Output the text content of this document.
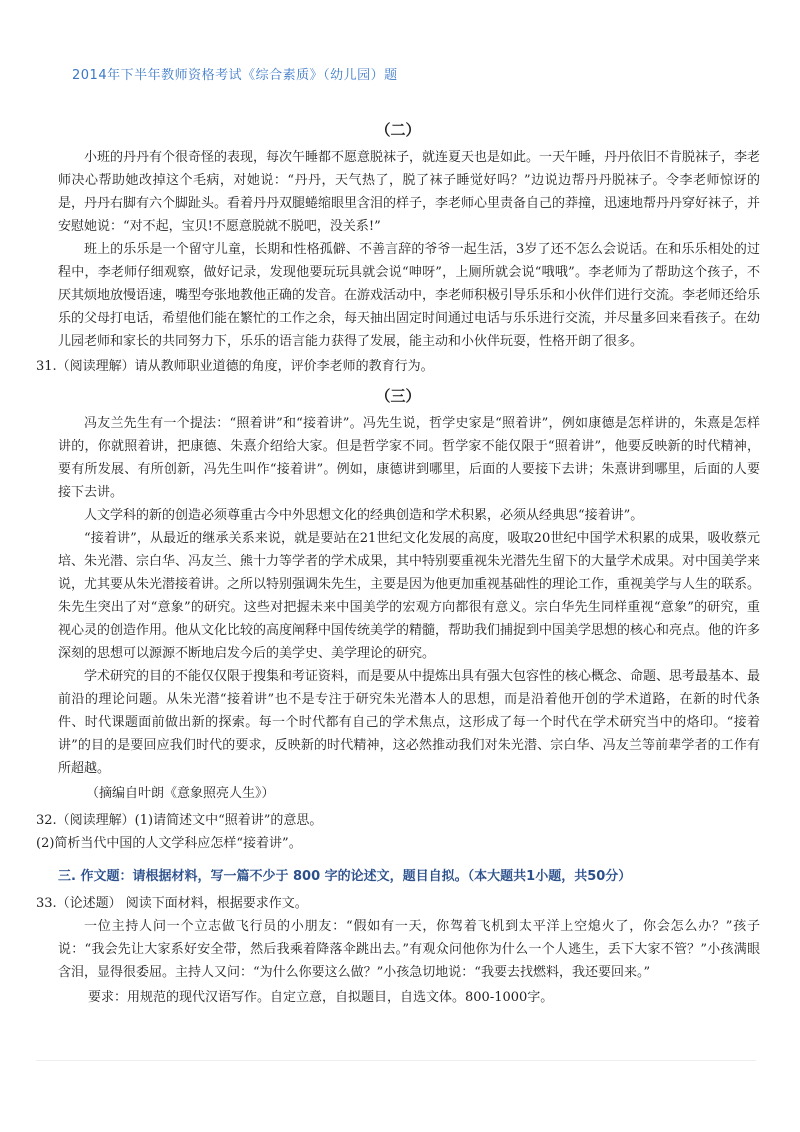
2014年下半年教师资格考试《综合素质》（幼儿园）题
（二）

小班的丹丹有个很奇怪的表现，每次午睡都不愿意脱袜子，就连夏天也是如此。一天午睡，丹丹依旧不肯脱袜子，李老师决心帮助她改掉这个毛病，对她说：“丹丹，天气热了，脱了袜子睡觉好吗？”边说边帮丹丹脱袜子。令李老师惊讶的是，丹丹右脚有六个脚趾头。看着丹丹双腿蜷缩眼里含泪的样子，李老师心里责备自己的莽撞，迅速地帮丹丹穿好袜子，并安慰她说：“对不起，宝贝!不愿意脱就不脱吧，没关系!”

班上的乐乐是一个留守儿童，长期和性格孤僻、不善言辞的爷爷一起生活，3岁了还不怎么会说话。在和乐乐相处的过程中，李老师仔细观察，做好记录，发现他要玩玩具就会说“呻呀”，上厕所就会说“哦哦”。李老师为了帮助这个孩子，不厌其烦地放慢语速，嘴型夸张地教他正确的发音。在游戏活动中，李老师积极引导乐乐和小伙伴们进行交流。李老师还给乐乐的父母打电话，希望他们能在繁忙的工作之余，每天抽出固定时间通过电话与乐乐进行交流，并尽量多回来看孩子。在幼儿园老师和家长的共同努力下，乐乐的语言能力获得了发展，能主动和小伙伴玩耍，性格开朗了很多。

31.（阅读理解）请从教师职业道德的角度，评价李老师的教育行为。

（三）

冯友兰先生有一个提法：“照着讲”和“接着讲”。冯先生说，哲学史家是“照着讲”，例如康德是怎样讲的，朱熹是怎样讲的，你就照着讲，把康德、朱熹介绍给大家。但是哲学家不同。哲学家不能仅限于“照着讲”，他要反映新的时代精神，要有所发展、有所创新，冯先生叫作“接着讲”。例如，康德讲到哪里，后面的人要接下去讲；朱熹讲到哪里，后面的人要接下去讲。

人文学科的新的创造必须尊重古今中外思想文化的经典创造和学术积累，必须从经典思“接着讲”。

“接着讲”，从最近的继承关系来说，就是要站在21世纪文化发展的高度，吸取20世纪中国学术积累的成果，吸收蔡元培、朱光潜、宗白华、冯友兰、熊十力等学者的学术成果，其中特别要重视朱光潜先生留下的大量学术成果。对中国美学来说，尤其要从朱光潜接着讲。之所以特别强调朱先生，主要是因为他更加重视基础性的理论工作，重视美学与人生的联系。朱先生突出了对“意象”的研究。这些对把握未来中国美学的宏观方向都很有意义。宗白华先生同样重视“意象”的研究，重视心灵的创造作用。他从文化比较的高度阐释中国传统美学的精髓，帮助我们捕捉到中国美学思想的核心和亮点。他的许多深刻的思想可以源源不断地启发今后的美学史、美学理论的研究。

学术研究的目的不能仅仅限于搜集和考证资料，而是要从中提炼出具有强大包容性的核心概念、命题、思考最基本、最前沿的理论问题。从朱光潜“接着讲”也不是专注于研究朱光潜本人的思想，而是沿着他开创的学术道路，在新的时代条件、时代课题面前做出新的探索。每一个时代都有自己的学术焦点，这形成了每一个时代在学术研究当中的烙印。“接着讲”的目的是要回应我们时代的要求，反映新的时代精神，这必然推动我们对朱光潜、宗白华、冯友兰等前辈学者的工作有所超越。

（摘编自叶朗《意象照亮人生》）

32.（阅读理解）(1)请简述文中“照着讲”的意思。

(2)简析当代中国的人文学科应怎样“接着讲”。

三. 作文题：请根据材料，写一篇不少于 800 字的论述文，题目自拟。（本大题共1小题，共50分）

33.（论述题） 阅读下面材料，根据要求作文。

一位主持人问一个立志做飞行员的小朋友：“假如有一天，你驾着飞机到太平洋上空熄火了，你会怎么办？”孩子说：“我会先让大家系好安全带，然后我乘着降落伞跳出去。”有观众问他你为什么一个人逃生，丢下大家不管？”小孩满眼含泪，显得很委屈。主持人又问：“为什么你要这么做？”小孩急切地说：“我要去找燃料，我还要回来。”

要求：用规范的现代汉语写作。自定立意，自拟题目，自选文体。800-1000字。
